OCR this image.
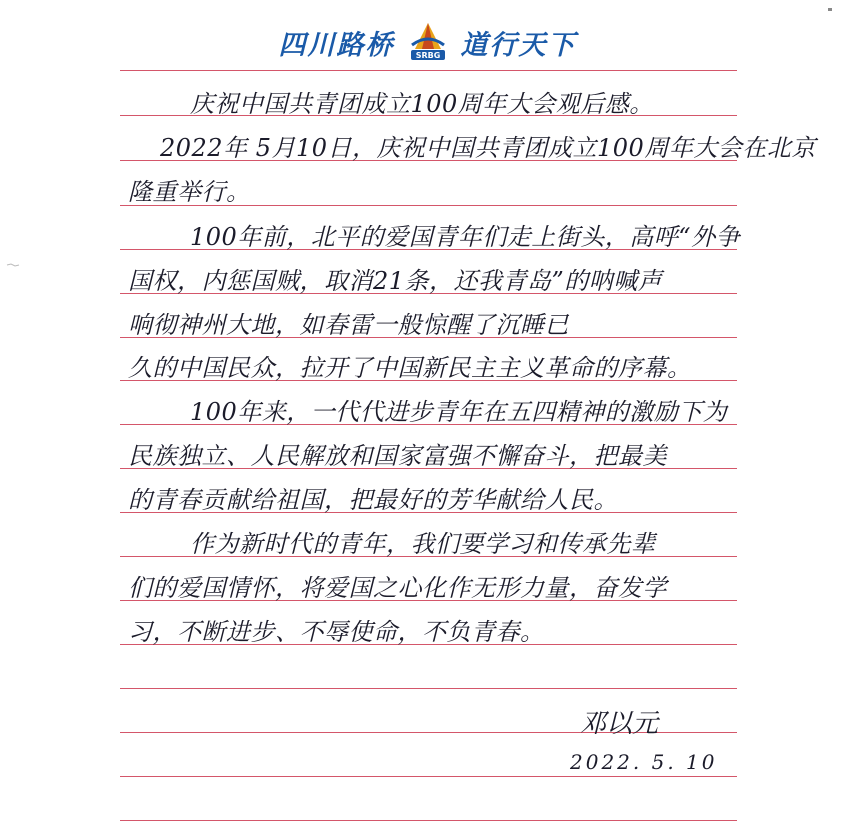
四川路桥	SRBG 道行天下
庆祝中国共青团成立100周年大会观后感。
2022年 5月10日，庆祝中国共青团成立100周年大会在北京
隆重举行。
100年前，北平的爱国青年们走上街头，高呼“外争
国权，内惩国贼，取消21条，还我青岛”的呐喊声
响彻神州大地，如春雷一般惊醒了沉睡已
久的中国民众，拉开了中国新民主主义革命的序幕。
100年来，一代代进步青年在五四精神的激励下为
民族独立、人民解放和国家富强不懈奋斗，把最美
的青春贡献给祖国，把最好的芳华献给人民。
作为新时代的青年，我们要学习和传承先辈
们的爱国情怀，将爱国之心化作无形力量，奋发学
习，不断进步、不辱使命，不负青春。
邓以元
2022. 5. 10
